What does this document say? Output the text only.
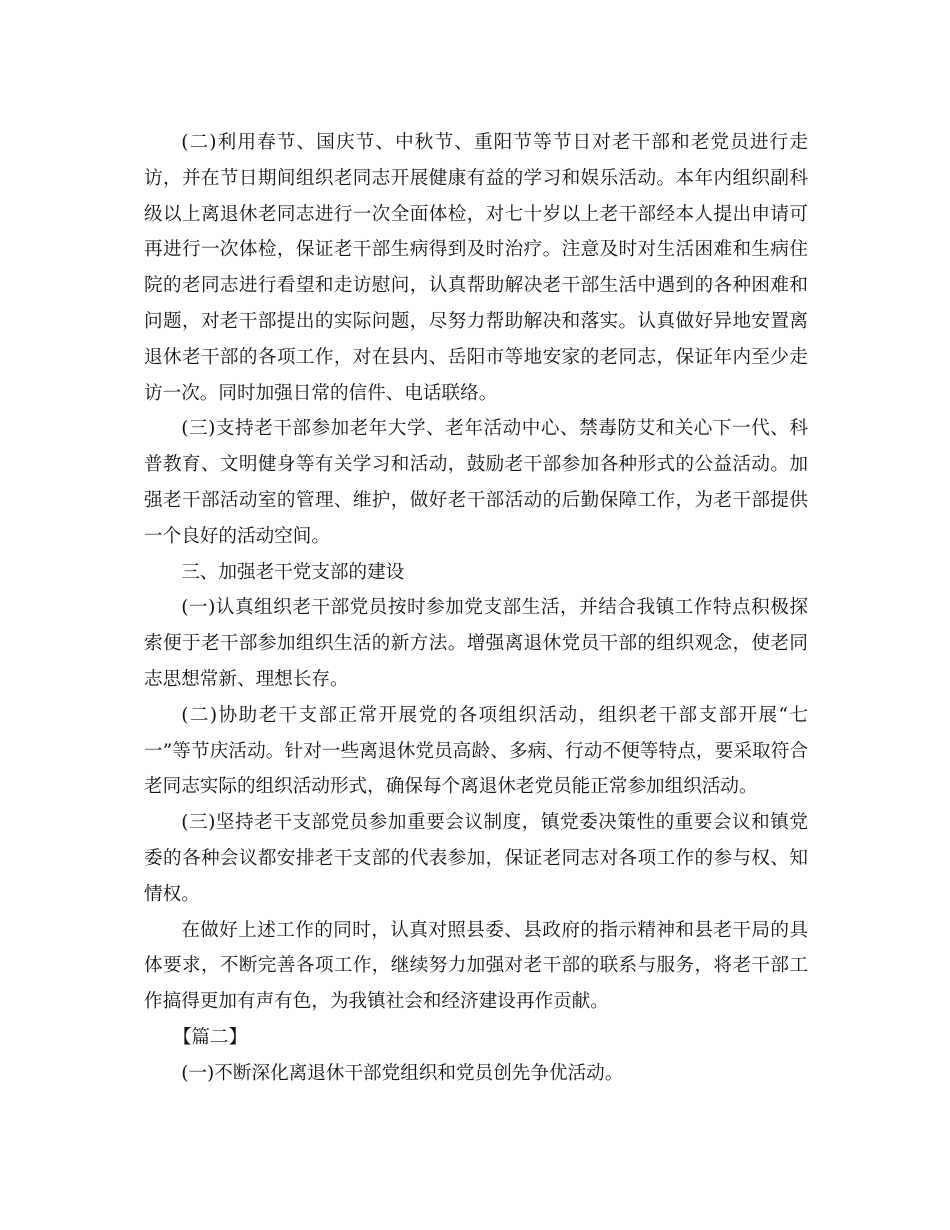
(二)利用春节、国庆节、中秋节、重阳节等节日对老干部和老党员进行走访，并在节日期间组织老同志开展健康有益的学习和娱乐活动。本年内组织副科级以上离退休老同志进行一次全面体检，对七十岁以上老干部经本人提出申请可再进行一次体检，保证老干部生病得到及时治疗。注意及时对生活困难和生病住院的老同志进行看望和走访慰问，认真帮助解决老干部生活中遇到的各种困难和问题，对老干部提出的实际问题，尽努力帮助解决和落实。认真做好异地安置离退休老干部的各项工作，对在县内、岳阳市等地安家的老同志，保证年内至少走访一次。同时加强日常的信件、电话联络。

(三)支持老干部参加老年大学、老年活动中心、禁毒防艾和关心下一代、科普教育、文明健身等有关学习和活动，鼓励老干部参加各种形式的公益活动。加强老干部活动室的管理、维护，做好老干部活动的后勤保障工作，为老干部提供一个良好的活动空间。

三、加强老干党支部的建设

(一)认真组织老干部党员按时参加党支部生活，并结合我镇工作特点积极探索便于老干部参加组织生活的新方法。增强离退休党员干部的组织观念，使老同志思想常新、理想长存。

(二)协助老干支部正常开展党的各项组织活动，组织老干部支部开展“七一”等节庆活动。针对一些离退休党员高龄、多病、行动不便等特点，要采取符合老同志实际的组织活动形式，确保每个离退休老党员能正常参加组织活动。

(三)坚持老干支部党员参加重要会议制度，镇党委决策性的重要会议和镇党委的各种会议都安排老干支部的代表参加，保证老同志对各项工作的参与权、知情权。

在做好上述工作的同时，认真对照县委、县政府的指示精神和县老干局的具体要求，不断完善各项工作，继续努力加强对老干部的联系与服务，将老干部工作搞得更加有声有色，为我镇社会和经济建设再作贡献。

【篇二】

(一)不断深化离退休干部党组织和党员创先争优活动。
